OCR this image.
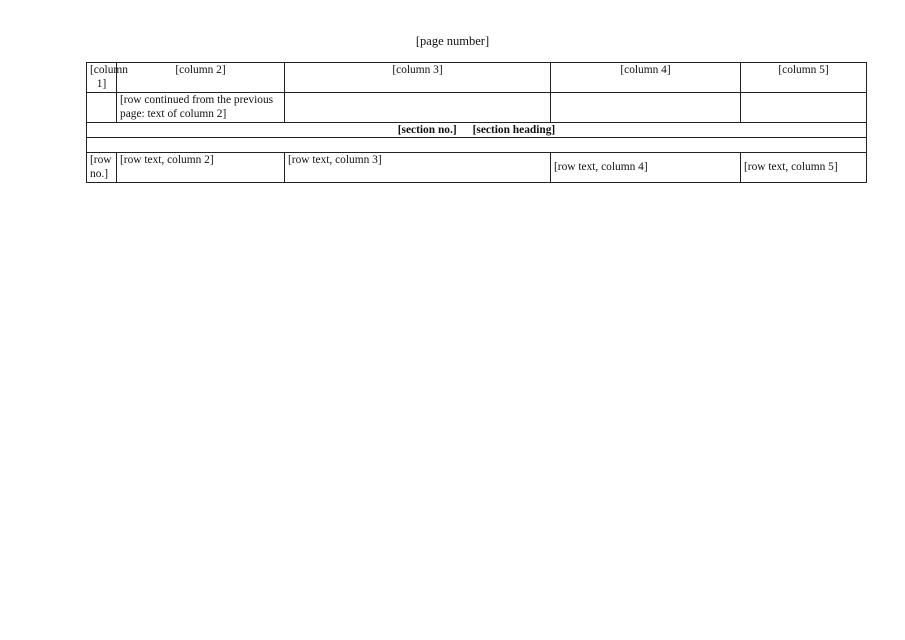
[page number]
[column 1]	[column 2]	[column 3]	[column 4]	[column 5]
	[row continued from the previous page: text of column 2]			
[section no.] [section heading]				

[row no.]	[row text, column 2]	[row text, column 3]	[row text, column 4]	[row text, column 5]
